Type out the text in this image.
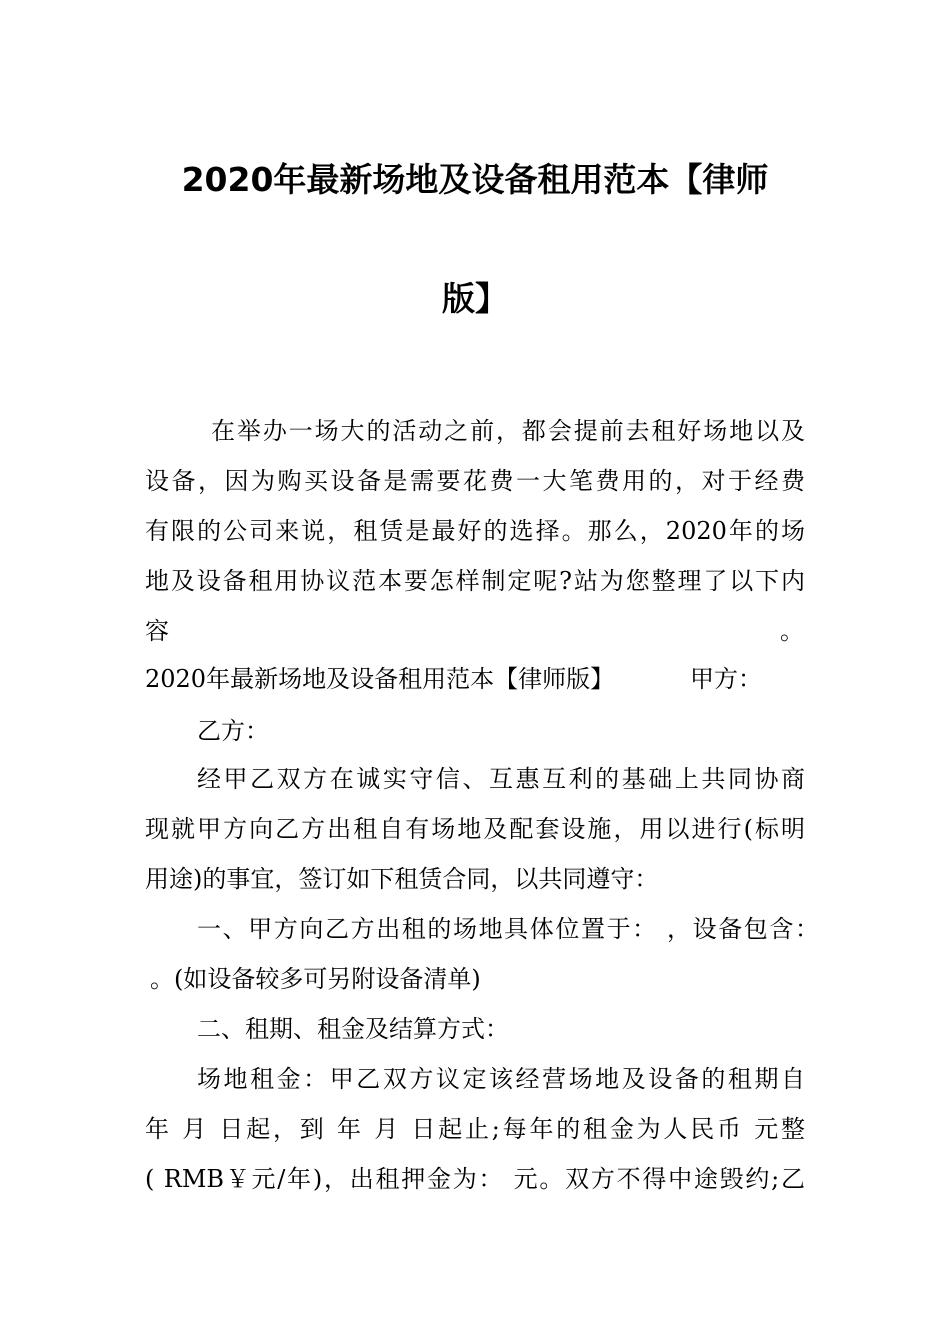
2020年最新场地及设备租用范本【律师
版】

在举办一场大的活动之前，都会提前去租好场地以及

设备，因为购买设备是需要花费一大笔费用的，对于经费

有限的公司来说，租赁是最好的选择。那么，2020年的场

地及设备租用协议范本要怎样制定呢?站为您整理了以下内

容	。

2020年最新场地及设备租用范本【律师版】	甲方：

乙方：

经甲乙双方在诚实守信、互惠互利的基础上共同协商

现就甲方向乙方出租自有场地及配套设施，用以进行(标明

用途)的事宜，签订如下租赁合同，以共同遵守：

一、甲方向乙方出租的场地具体位置于： ，设备包含：

。(如设备较多可另附设备清单)

二、租期、租金及结算方式：

场地租金：甲乙双方议定该经营场地及设备的租期自

年 月 日起，到 年 月 日起止;每年的租金为人民币 元整

( RMB￥元/年)，出租押金为： 元。双方不得中途毁约;乙
